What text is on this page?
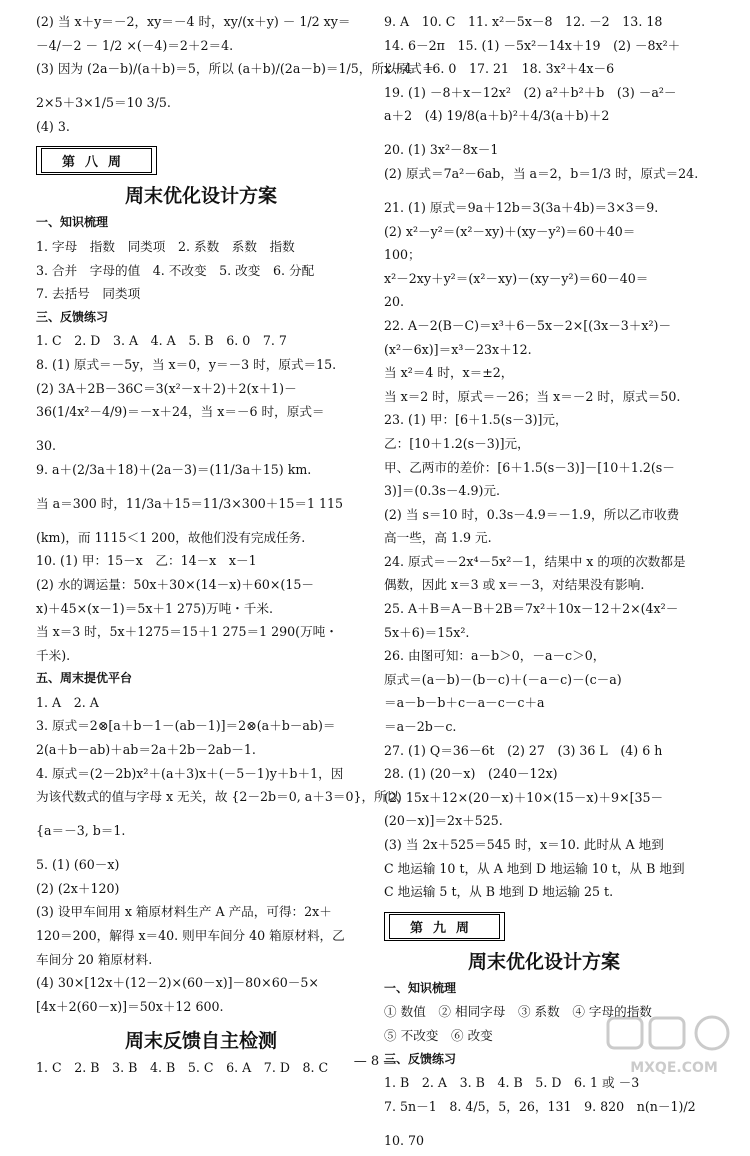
(2) 当 x＋y＝－2，xy＝－4 时，xy/(x＋y) － 1/2 xy＝
－4/－2 － 1/2 ×(－4)＝2＋2＝4.
(3) 因为 (2a－b)/(a＋b)＝5，所以 (a＋b)/(2a－b)＝1/5，所以原式＝
2×5＋3×1/5＝10 3/5.
(4) 3.
第八周
周末优化设计方案
一、知识梳理
1. 字母　指数　同类项　2. 系数　系数　指数
3. 合并　字母的值　4. 不改变　5. 改变　6. 分配
7. 去括号　同类项
三、反馈练习
1. C　2. D　3. A　4. A　5. B　6. 0　7. 7
8. (1) 原式＝－5y，当 x＝0，y＝－3 时，原式＝15.
(2) 3A＋2B－36C＝3(x²－x＋2)＋2(x＋1)－
36(1/4x²－4/9)＝－x＋24，当 x＝－6 时，原式＝
30.
9. a＋(2/3a＋18)＋(2a－3)＝(11/3a＋15) km.
当 a＝300 时，11/3a＋15＝11/3×300＋15＝1 115
(km)，而 1115＜1 200，故他们没有完成任务.
10. (1) 甲：15－x　乙：14－x　x－1
(2) 水的调运量：50x＋30×(14－x)＋60×(15－
x)＋45×(x－1)＝5x＋1 275)万吨・千米.
当 x＝3 时，5x＋1275＝15＋1 275＝1 290(万吨・
千米).
五、周末提优平台
1. A　2. A
3. 原式＝2⊗[a＋b－1－(ab－1)]＝2⊗(a＋b－ab)＝
2(a＋b－ab)＋ab＝2a＋2b－2ab－1.
4. 原式＝(2－2b)x²＋(a＋3)x＋(－5－1)y＋b＋1，因
为该代数式的值与字母 x 无关，故 {2－2b＝0, a＋3＝0}，所以
{a＝－3, b＝1.
5. (1) (60－x)
(2) (2x＋120)
(3) 设甲车间用 x 箱原材料生产 A 产品，可得：2x＋
120＝200，解得 x＝40. 则甲车间分 40 箱原材料，乙
车间分 20 箱原材料.
(4) 30×[12x＋(12－2)×(60－x)]－80×60－5×
[4x＋2(60－x)]＝50x＋12 600.
周末反馈自主检测
1. C　2. B　3. B　4. B　5. C　6. A　7. D　8. C
9. A　10. C　11. x²－5x－8　12. －2　13. 18
14. 6－2π　15. (1) －5x²－14x＋19　(2) －8x²＋
x＋4　16. 0　17. 21　18. 3x²＋4x－6
19. (1) －8＋x－12x²　(2) a²＋b²＋b　(3) －a²－
a＋2　(4) 19/8(a＋b)²＋4/3(a＋b)＋2
20. (1) 3x²－8x－1
(2) 原式＝7a²－6ab，当 a＝2，b＝1/3 时，原式＝24.
21. (1) 原式＝9a＋12b＝3(3a＋4b)＝3×3＝9.
(2) x²－y²＝(x²－xy)＋(xy－y²)＝60＋40＝
100；
x²－2xy＋y²＝(x²－xy)－(xy－y²)＝60－40＝
20.
22. A－2(B－C)＝x³＋6－5x－2×[(3x－3＋x²)－
(x²－6x)]＝x³－23x＋12.
当 x²＝4 时，x＝±2，
当 x＝2 时，原式＝－26；当 x＝－2 时，原式＝50.
23. (1) 甲：[6＋1.5(s－3)]元，
乙：[10＋1.2(s－3)]元，
甲、乙两市的差价：[6＋1.5(s－3)]－[10＋1.2(s－
3)]＝(0.3s－4.9)元.
(2) 当 s＝10 时，0.3s－4.9＝－1.9，所以乙市收费
高一些，高 1.9 元.
24. 原式＝－2x⁴－5x²－1，结果中 x 的项的次数都是
偶数，因此 x＝3 或 x＝－3，对结果没有影响.
25. A＋B＝A－B＋2B＝7x²＋10x－12＋2×(4x²－
5x＋6)＝15x².
26. 由图可知：a－b＞0，－a－c＞0，
原式＝(a－b)－(b－c)＋(－a－c)－(c－a)
＝a－b－b＋c－a－c－c＋a
＝a－2b－c.
27. (1) Q＝36－6t　(2) 27　(3) 36 L　(4) 6 h
28. (1) (20－x)　(240－12x)
(2) 15x＋12×(20－x)＋10×(15－x)＋9×[35－
(20－x)]＝2x＋525.
(3) 当 2x＋525＝545 时，x＝10. 此时从 A 地到
C 地运输 10 t，从 A 地到 D 地运输 10 t，从 B 地到
C 地运输 5 t，从 B 地到 D 地运输 25 t.
第九周
周末优化设计方案
一、知识梳理
① 数值　② 相同字母　③ 系数　④ 字母的指数
⑤ 不改变　⑥ 改变
三、反馈练习
1. B　2. A　3. B　4. B　5. D　6. 1 或 －3
7. 5n－1　8. 4/5，5，26，131　9. 820　n(n－1)/2
10. 70
— 8 —	MXQE.COM
